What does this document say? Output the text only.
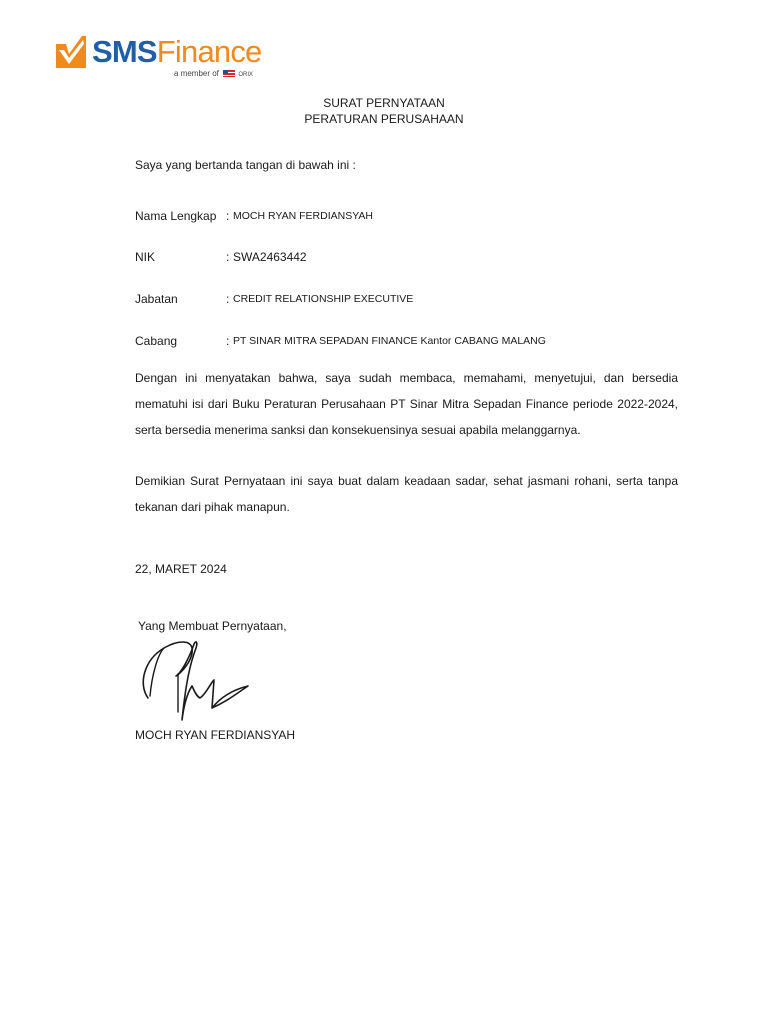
SMSFinance
a member of	ORIX
SURAT PERNYATAAN
PERATURAN PERUSAHAAN
Saya yang bertanda tangan di bawah ini :
Nama Lengkap : MOCH RYAN FERDIANSYAH
NIK	: SWA2463442
Jabatan	: CREDIT RELATIONSHIP EXECUTIVE
Cabang	: PT SINAR MITRA SEPADAN FINANCE Kantor CABANG MALANG
Dengan ini menyatakan bahwa, saya sudah membaca, memahami, menyetujui, dan bersedia mematuhi isi dari Buku Peraturan Perusahaan PT Sinar Mitra Sepadan Finance periode 2022-2024, serta bersedia menerima sanksi dan konsekuensinya sesuai apabila melanggarnya.
Demikian Surat Pernyataan ini saya buat dalam keadaan sadar, sehat jasmani rohani, serta tanpa tekanan dari pihak manapun.
22, MARET 2024
Yang Membuat Pernyataan,
MOCH RYAN FERDIANSYAH
